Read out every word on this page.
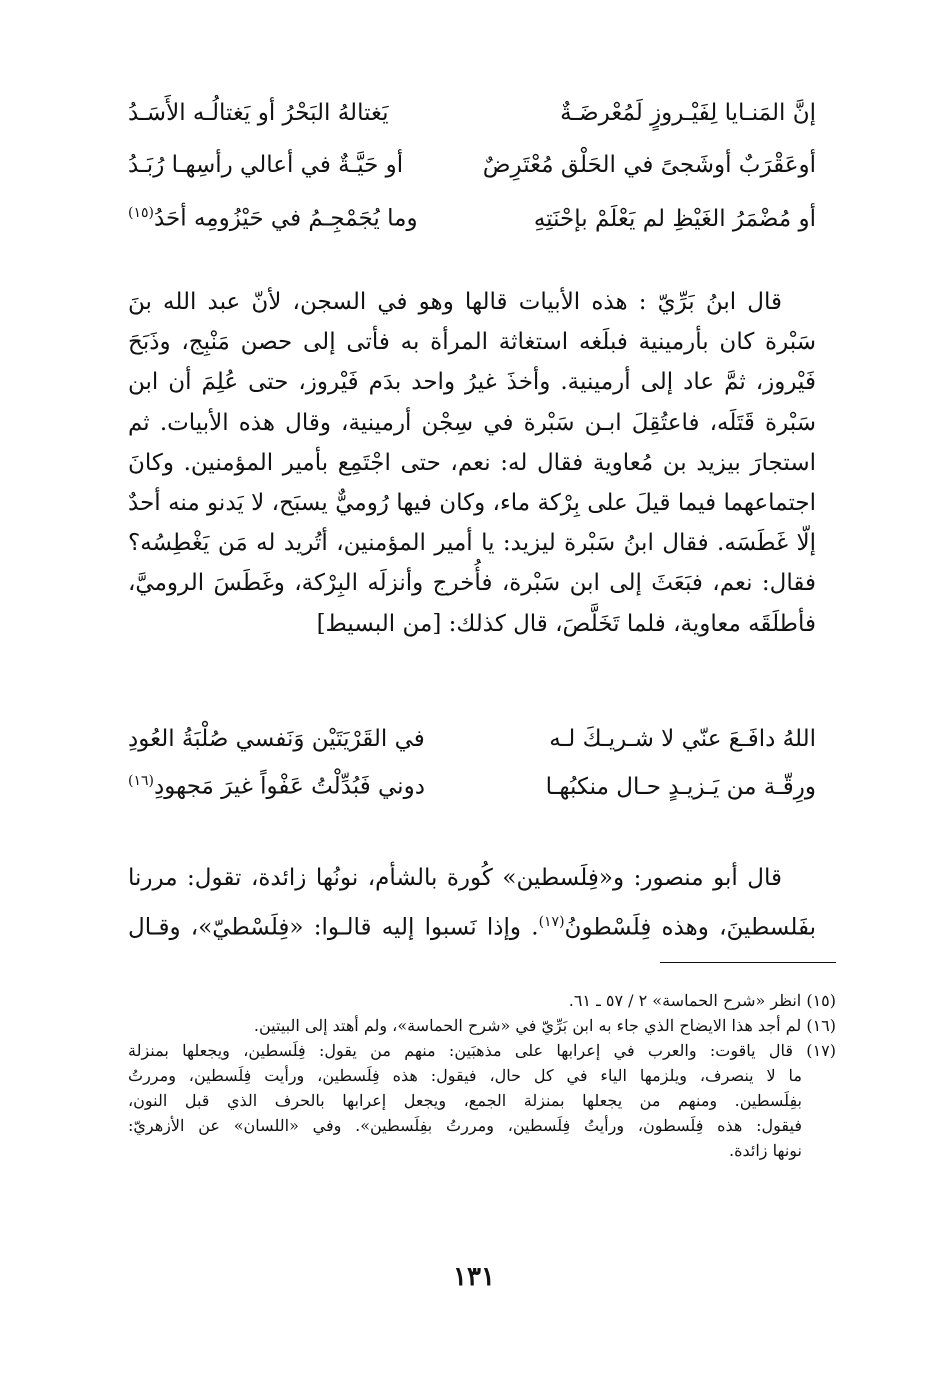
إنَّ المَنـايا لِفَيْـروزٍ لَمُعْرضَـةٌ
يَغتالهُ البَحْرُ أو يَغتالُـه الأَسَـدُ
أوعَقْرَبٌ أوشَجىً في الحَلْق مُعْتَرِضٌ
أو حَيَّـةٌ في أعالي رأسِهـا رُبَـدُ
أو مُضْمَرُ الغَيْظِ لم يَعْلَمْ بإحْنَتِهِ
وما يُجَمْجِـمُ في حَيْزُومِه أحَدُ$^{(١٥)}$
قال ابنُ بَرِّيّ : هذه الأبيات قالها وهو في السجن، لأنّ عبد الله بنَ
سَبْرة كان بأرمينية فبلَغه استغاثة المرأة به فأتى إلى حصن مَنْبِج، وذَبَحَ
فَيْروز، ثمَّ عاد إلى أرمينية. وأخذَ غيرُ واحد بدَم فَيْروز، حتى عُلِمَ أن ابن
سَبْرة قَتَلَه، فاعتُقِلَ ابـن سَبْرة في سِجْن أرمينية، وقال هذه الأبيات. ثم
استجارَ بيزيد بن مُعاوية فقال له: نعم، حتى اجْتَمِع بأمير المؤمنين. وكانَ
اجتماعهما فيما قيلَ على بِرْكة ماء، وكان فيها رُوميٌّ يسبَح، لا يَدنو منه أحدٌ
إلّا غَطَسَه. فقال ابنُ سَبْرة ليزيد: يا أمير المؤمنين، أتُريد له مَن يَغْطِسُه؟
فقال: نعم، فبَعَثَ إلى ابن سَبْرة، فأُخرج وأنزلَه البِرْكة، وغَطَسَ الروميَّ،
فأطلَقَه معاوية، فلما تَخَلَّصَ، قال كذلك: [من البسيط]
اللهُ دافَـعَ عنّي لا شـريـكَ لـه
في القَرْيَتَيْن وَنَفسي صُلْبَةُ العُودِ
ورِقّـة من يَـزيـدٍ حـال منكبُهـا
دوني فَبُدِّلْتُ عَفْواً غيرَ مَجهودِ$^{(١٦)}$
قال أبو منصور: و«فِلَسطين» كُورة بالشأم، نونُها زائدة، تقول: مررنا
بفَلسطينَ، وهذه فِلَسْطونُ$^{(١٧)}$. وإذا نَسبوا إليه قالـوا: «فِلَسْطيّ»، وقـال
(١٥) انظر «شرح الحماسة» ٢ / ٥٧ ـ ٦١.
(١٦) لم أجد هذا الايضاح الذي جاء به ابن بَرِّيّ في «شرح الحماسة»، ولم أهتد إلى البيتين.
(١٧) قال ياقوت: والعرب في إعرابها على مذهبَين: منهم من يقول: فِلَسطين، ويجعلها بمنزلة
ما لا ينصرف، ويلزمها الياء في كل حال، فيقول: هذه فِلَسطين، ورأيت فِلَسطين، ومررتُ
بفِلَسطين. ومنهم من يجعلها بمنزلة الجمع، ويجعل إعرابها بالحرف الذي قبل النون،
فيقول: هذه فِلَسطون، ورأيتُ فِلَسطين، ومررتُ بفِلَسطين». وفي «اللسان» عن الأزهريّ:
نونها زائدة.
١٣١
